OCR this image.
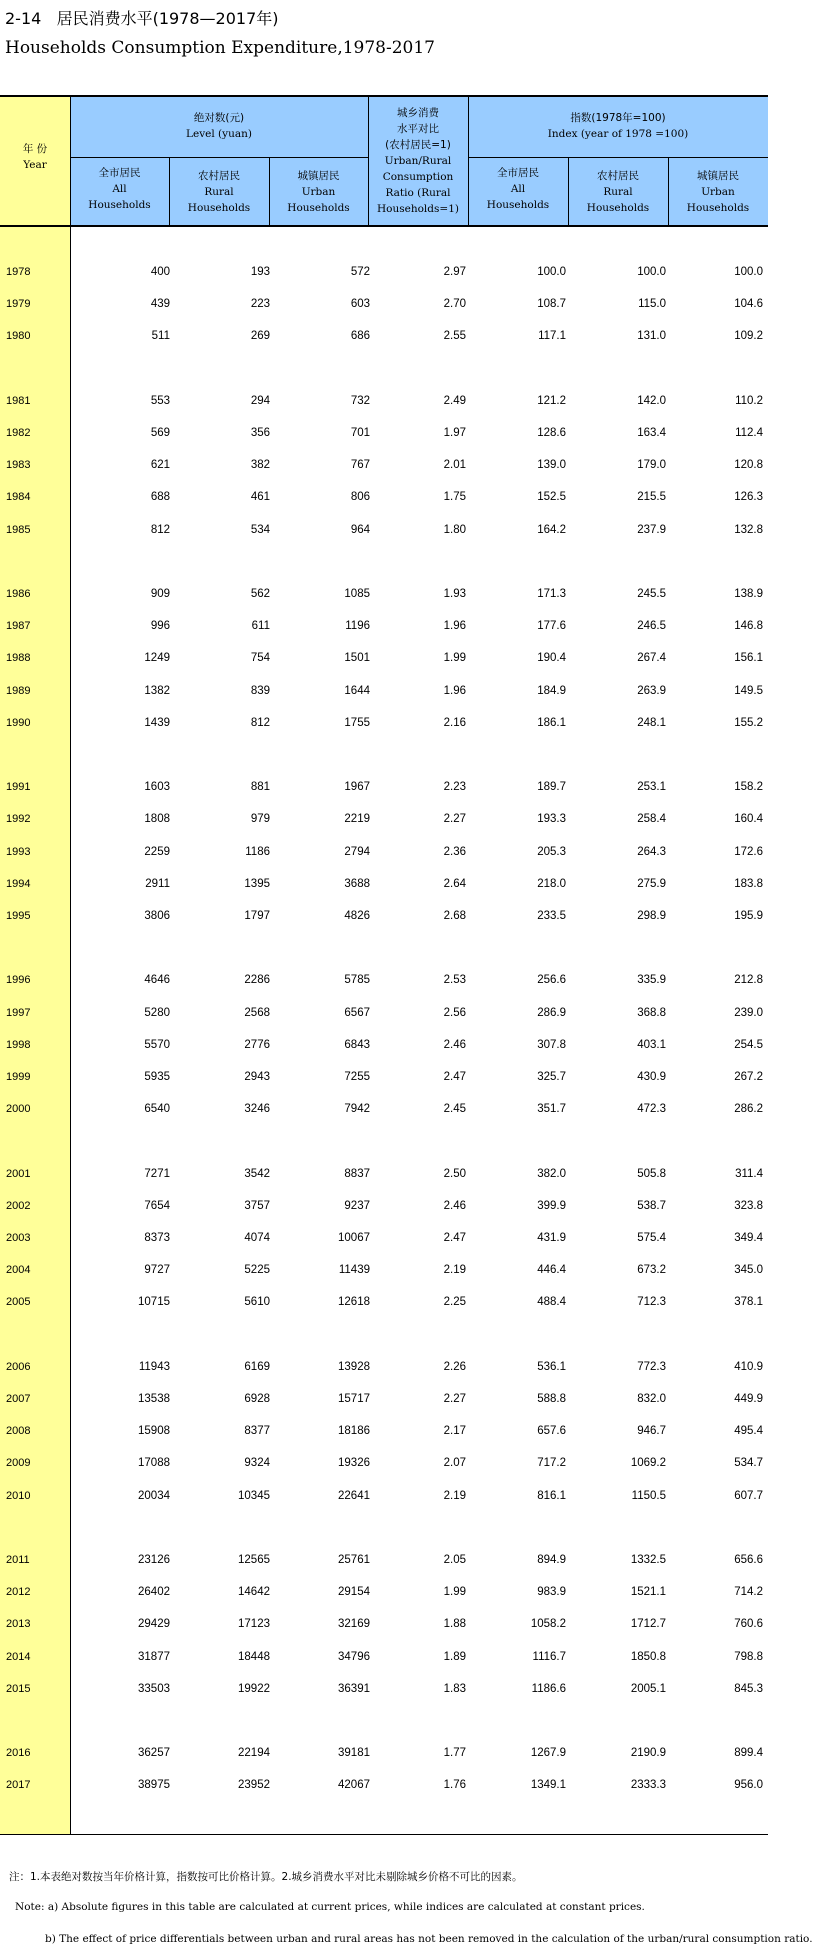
2-14 居民消费水平(1978—2017年)
Households Consumption Expenditure,1978-2017
年 份
Year
绝对数(元)
Level (yuan)
城乡消费
水平对比
(农村居民=1)
Urban/Rural
Consumption
Ratio (Rural
Households=1)
指数(1978年=100)
Index (year of 1978 =100)
全市居民
All
Households
农村居民
Rural
Households
城镇居民
Urban
Households
全市居民
All
Households
农村居民
Rural
Households
城镇居民
Urban
Households
1978	400	193	572	2.97	100.0	100.0	100.0
1979	439	223	603	2.70	108.7	115.0	104.6
1980	511	269	686	2.55	117.1	131.0	109.2
1981	553	294	732	2.49	121.2	142.0	110.2
1982	569	356	701	1.97	128.6	163.4	112.4
1983	621	382	767	2.01	139.0	179.0	120.8
1984	688	461	806	1.75	152.5	215.5	126.3
1985	812	534	964	1.80	164.2	237.9	132.8
1986	909	562	1085	1.93	171.3	245.5	138.9
1987	996	611	1196	1.96	177.6	246.5	146.8
1988	1249	754	1501	1.99	190.4	267.4	156.1
1989	1382	839	1644	1.96	184.9	263.9	149.5
1990	1439	812	1755	2.16	186.1	248.1	155.2
1991	1603	881	1967	2.23	189.7	253.1	158.2
1992	1808	979	2219	2.27	193.3	258.4	160.4
1993	2259	1186	2794	2.36	205.3	264.3	172.6
1994	2911	1395	3688	2.64	218.0	275.9	183.8
1995	3806	1797	4826	2.68	233.5	298.9	195.9
1996	4646	2286	5785	2.53	256.6	335.9	212.8
1997	5280	2568	6567	2.56	286.9	368.8	239.0
1998	5570	2776	6843	2.46	307.8	403.1	254.5
1999	5935	2943	7255	2.47	325.7	430.9	267.2
2000	6540	3246	7942	2.45	351.7	472.3	286.2
2001	7271	3542	8837	2.50	382.0	505.8	311.4
2002	7654	3757	9237	2.46	399.9	538.7	323.8
2003	8373	4074	10067	2.47	431.9	575.4	349.4
2004	9727	5225	11439	2.19	446.4	673.2	345.0
2005	10715	5610	12618	2.25	488.4	712.3	378.1
2006	11943	6169	13928	2.26	536.1	772.3	410.9
2007	13538	6928	15717	2.27	588.8	832.0	449.9
2008	15908	8377	18186	2.17	657.6	946.7	495.4
2009	17088	9324	19326	2.07	717.2	1069.2	534.7
2010	20034	10345	22641	2.19	816.1	1150.5	607.7
2011	23126	12565	25761	2.05	894.9	1332.5	656.6
2012	26402	14642	29154	1.99	983.9	1521.1	714.2
2013	29429	17123	32169	1.88	1058.2	1712.7	760.6
2014	31877	18448	34796	1.89	1116.7	1850.8	798.8
2015	33503	19922	36391	1.83	1186.6	2005.1	845.3
2016	36257	22194	39181	1.77	1267.9	2190.9	899.4
2017	38975	23952	42067	1.76	1349.1	2333.3	956.0
注：1.本表绝对数按当年价格计算，指数按可比价格计算。2.城乡消费水平对比未剔除城乡价格不可比的因素。
Note: a) Absolute figures in this table are calculated at current prices, while indices are calculated at constant prices.
b) The effect of price differentials between urban and rural areas has not been removed in the calculation of the urban/rural consumption ratio.
